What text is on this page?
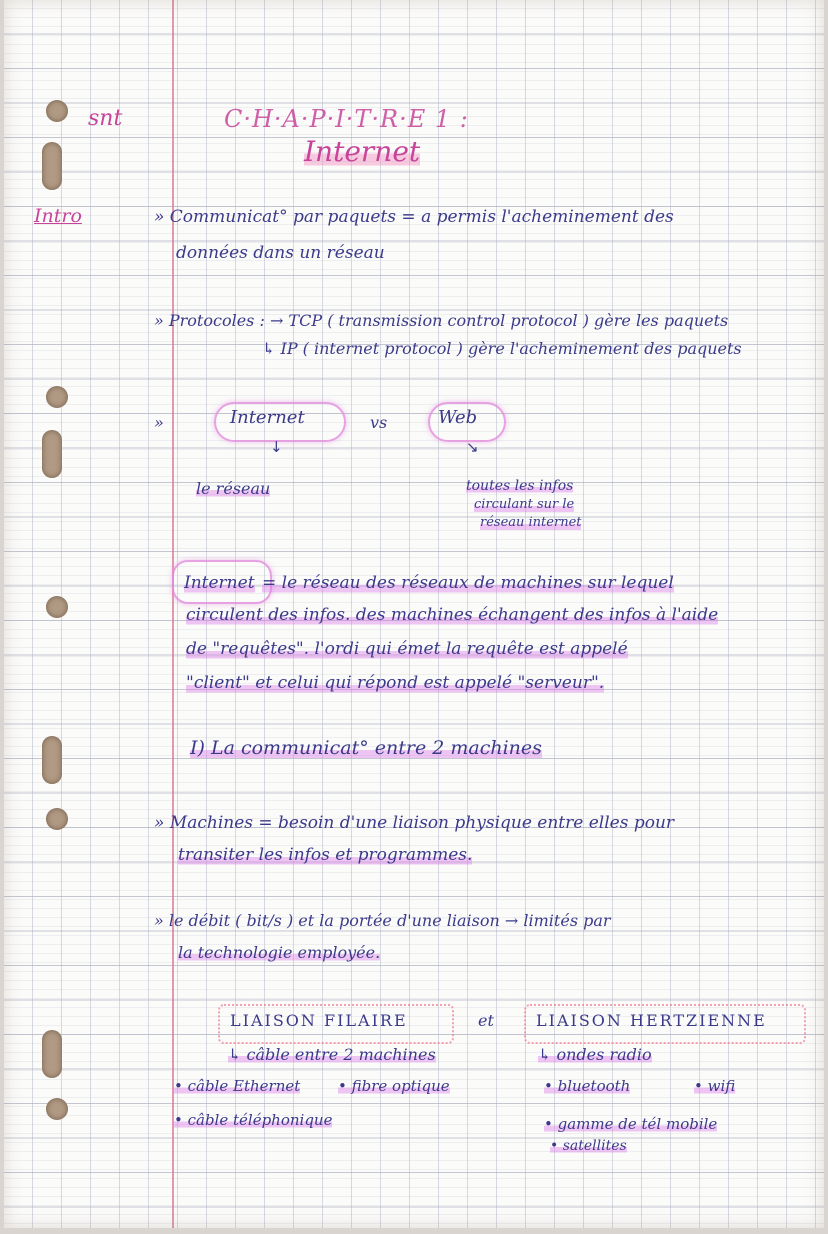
snt	C·H·A·P·I·T·R·E 1 :

Internet

Intro	» Communicat° par paquets = a permis l'acheminement des

données dans un réseau

» Protocoles : → TCP ( transmission control protocol ) gère les paquets

↳ IP ( internet protocol ) gère l'acheminement des paquets

»	Internet	vs	Web

↓	↘

le réseau	toutes les infos

circulant sur le

réseau internet

Internet = le réseau des réseaux de machines sur lequel

circulent des infos. des machines échangent des infos à l'aide

de "requêtes". l'ordi qui émet la requête est appelé

"client" et celui qui répond est appelé "serveur".

I) La communicat° entre 2 machines

» Machines = besoin d'une liaison physique entre elles pour

transiter les infos et programmes.

» le débit ( bit/s ) et la portée d'une liaison → limités par

la technologie employée.

LIAISON FILAIRE	et	LIAISON HERTZIENNE

↳ câble entre 2 machines

• câble Ethernet	• fibre optique

• câble téléphonique

↳ ondes radio

• bluetooth	• wifi

• gamme de tél mobile

• satellites
